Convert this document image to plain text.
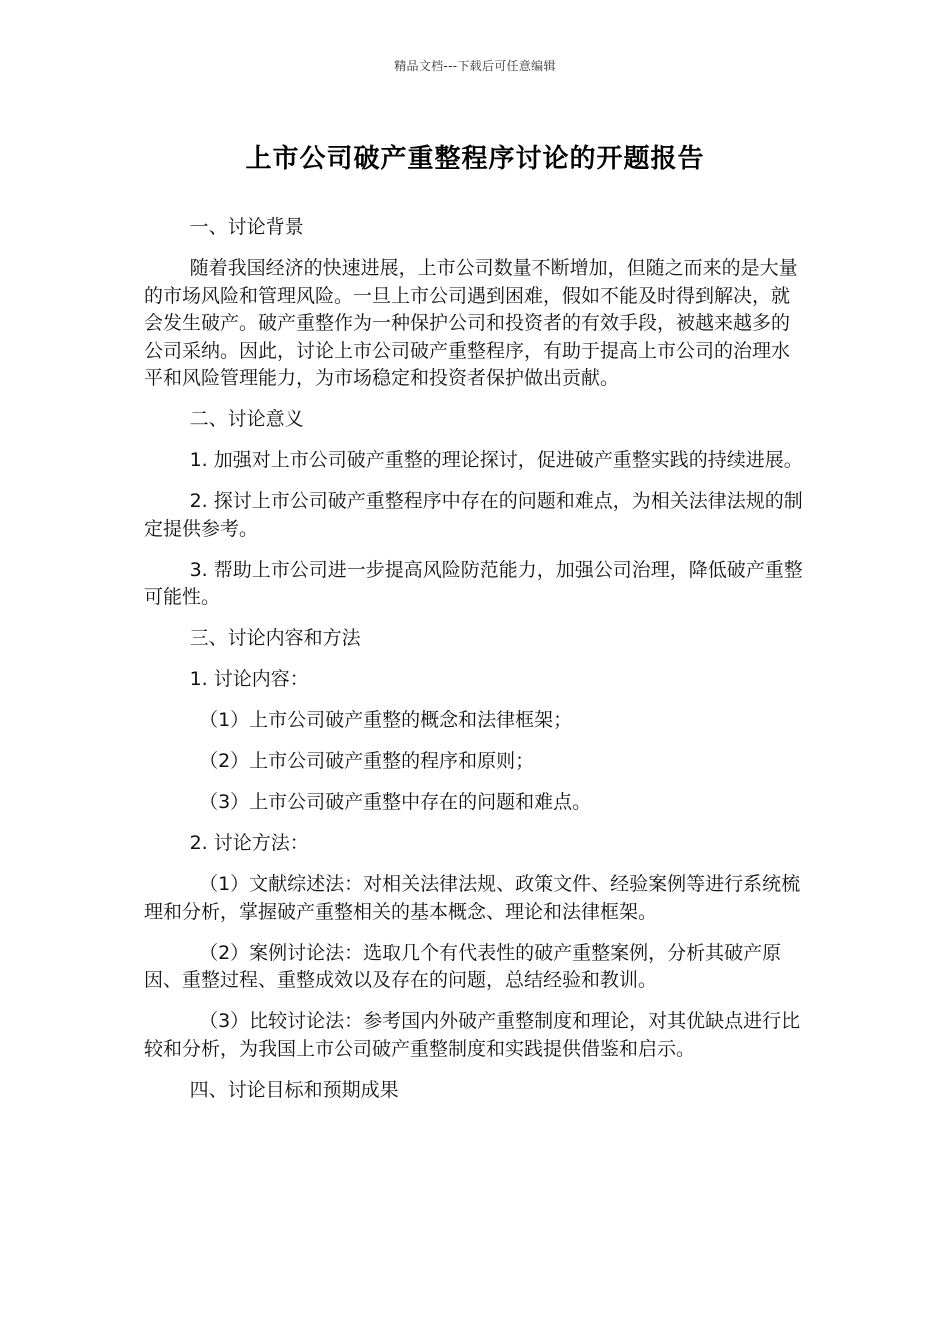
精品文档---下载后可任意编辑
上市公司破产重整程序讨论的开题报告

一、讨论背景

随着我国经济的快速进展，上市公司数量不断增加，但随之而来的是大量的市场风险和管理风险。一旦上市公司遇到困难，假如不能及时得到解决，就会发生破产。破产重整作为一种保护公司和投资者的有效手段，被越来越多的公司采纳。因此，讨论上市公司破产重整程序，有助于提高上市公司的治理水平和风险管理能力，为市场稳定和投资者保护做出贡献。

二、讨论意义

1. 加强对上市公司破产重整的理论探讨，促进破产重整实践的持续进展。

2. 探讨上市公司破产重整程序中存在的问题和难点，为相关法律法规的制定提供参考。

3. 帮助上市公司进一步提高风险防范能力，加强公司治理，降低破产重整可能性。

三、讨论内容和方法

1. 讨论内容：

（1）上市公司破产重整的概念和法律框架；

（2）上市公司破产重整的程序和原则；

（3）上市公司破产重整中存在的问题和难点。

2. 讨论方法：

（1）文献综述法：对相关法律法规、政策文件、经验案例等进行系统梳理和分析，掌握破产重整相关的基本概念、理论和法律框架。

（2）案例讨论法：选取几个有代表性的破产重整案例，分析其破产原因、重整过程、重整成效以及存在的问题，总结经验和教训。

（3）比较讨论法：参考国内外破产重整制度和理论，对其优缺点进行比较和分析，为我国上市公司破产重整制度和实践提供借鉴和启示。

四、讨论目标和预期成果
